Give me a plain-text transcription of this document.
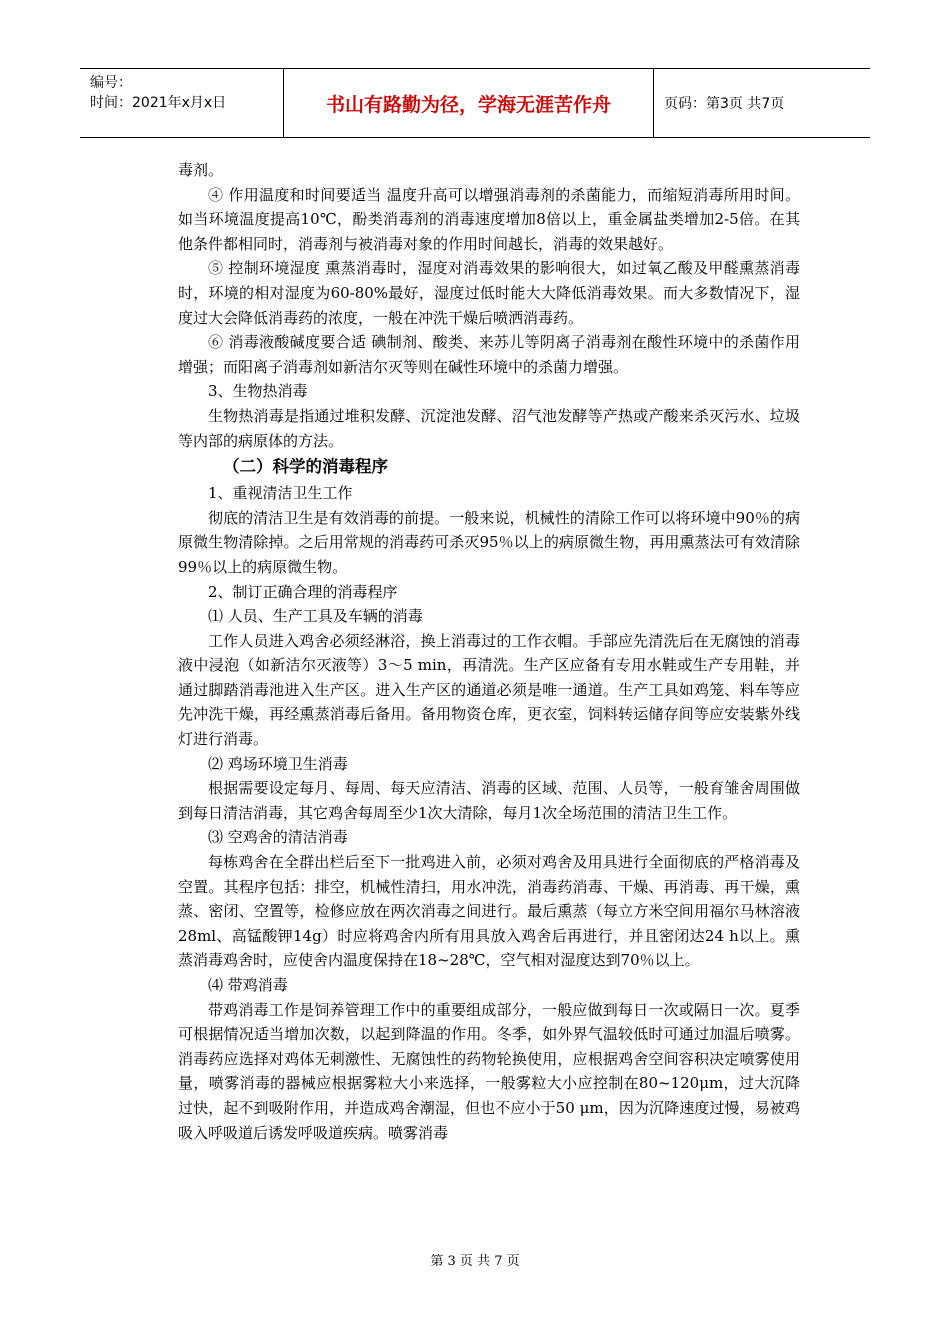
编号：
时间：2021年x月x日	书山有路勤为径，学海无涯苦作舟	页码：第3页 共7页

毒剂。

④ 作用温度和时间要适当 温度升高可以增强消毒剂的杀菌能力，而缩短消毒所用时间。如当环境温度提高10℃，酚类消毒剂的消毒速度增加8倍以上，重金属盐类增加2-5倍。在其他条件都相同时，消毒剂与被消毒对象的作用时间越长，消毒的效果越好。

⑤ 控制环境湿度 熏蒸消毒时，湿度对消毒效果的影响很大，如过氧乙酸及甲醛熏蒸消毒时，环境的相对湿度为60-80%最好，湿度过低时能大大降低消毒效果。而大多数情况下，湿度过大会降低消毒药的浓度，一般在冲洗干燥后喷洒消毒药。

⑥ 消毒液酸碱度要合适 碘制剂、酸类、来苏儿等阴离子消毒剂在酸性环境中的杀菌作用增强；而阳离子消毒剂如新洁尔灭等则在碱性环境中的杀菌力增强。

3、生物热消毒

生物热消毒是指通过堆积发酵、沉淀池发酵、沼气池发酵等产热或产酸来杀灭污水、垃圾等内部的病原体的方法。

（二）科学的消毒程序

1、重视清洁卫生工作

彻底的清洁卫生是有效消毒的前提。一般来说，机械性的清除工作可以将环境中90％的病原微生物清除掉。之后用常规的消毒药可杀灭95％以上的病原微生物，再用熏蒸法可有效清除99％以上的病原微生物。

2、制订正确合理的消毒程序

⑴ 人员、生产工具及车辆的消毒

工作人员进入鸡舍必须经淋浴，换上消毒过的工作衣帽。手部应先清洗后在无腐蚀的消毒液中浸泡（如新洁尔灭液等）3～5 min，再清洗。生产区应备有专用水鞋或生产专用鞋，并通过脚踏消毒池进入生产区。进入生产区的通道必须是唯一通道。生产工具如鸡笼、料车等应先冲洗干燥，再经熏蒸消毒后备用。备用物资仓库，更衣室，饲料转运储存间等应安装紫外线灯进行消毒。

⑵ 鸡场环境卫生消毒

根据需要设定每月、每周、每天应清洁、消毒的区域、范围、人员等，一般育雏舍周围做到每日清洁消毒，其它鸡舍每周至少1次大清除，每月1次全场范围的清洁卫生工作。

⑶ 空鸡舍的清洁消毒

每栋鸡舍在全群出栏后至下一批鸡进入前，必须对鸡舍及用具进行全面彻底的严格消毒及空置。其程序包括：排空，机械性清扫，用水冲洗，消毒药消毒、干燥、再消毒、再干燥，熏蒸、密闭、空置等，检修应放在两次消毒之间进行。最后熏蒸（每立方米空间用福尔马林溶液28ml、高锰酸钾14g）时应将鸡舍内所有用具放入鸡舍后再进行，并且密闭达24 h以上。熏蒸消毒鸡舍时，应使舍内温度保持在18~28℃，空气相对湿度达到70％以上。

⑷ 带鸡消毒

带鸡消毒工作是饲养管理工作中的重要组成部分，一般应做到每日一次或隔日一次。夏季可根据情况适当增加次数，以起到降温的作用。冬季，如外界气温较低时可通过加温后喷雾。消毒药应选择对鸡体无刺激性、无腐蚀性的药物轮换使用，应根据鸡舍空间容积决定喷雾使用量，喷雾消毒的器械应根据雾粒大小来选择，一般雾粒大小应控制在80~120μm，过大沉降过快，起不到吸附作用，并造成鸡舍潮湿，但也不应小于50 μm，因为沉降速度过慢，易被鸡吸入呼吸道后诱发呼吸道疾病。喷雾消毒

第 3 页 共 7 页
